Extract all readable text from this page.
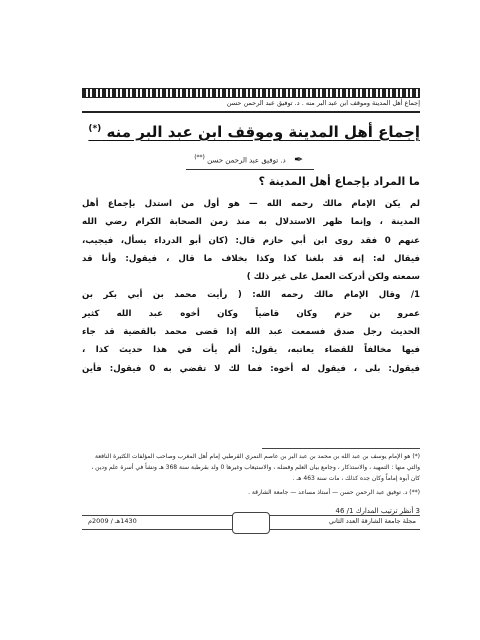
إجماع أهل المدينة وموقف ابن عبد البر منه . د. توفيق عبد الرحمن حسن
إجماع أهل المدينة وموقف ابن عبد البر منه (*)
د. توفيق عبد الرحمن حسن (**)	✒
ما المراد بإجماع أهل المدينة ؟
لم يكن الإمام مالك رحمه الله — هو أول من استدل بإجماع أهل
المدينة ، وإنما ظهر الاستدلال به منذ زمن الصحابة الكرام رضي الله
عنهم 0 فقد روى ابن أبي حازم قال: (كان أبو الدرداء يسأل، فيجيب،
فيقال له: إنه قد بلغنا كذا وكذا بخلاف ما قال ، فيقول: وأنا قد
سمعته ولكن أدركت العمل على غير ذلك )
1/ وقال الإمام مالك رحمه الله: ( رأيت محمد بن أبي بكر بن
عمرو بن حزم وكان قاضياً وكان أخوه عبد الله كثير
الحديث رجل صدق فسمعت عبد الله إذا قضى محمد بالقضية قد جاء
فيها مخالفاً للقضاء يعاتبه، يقول: ألم يأت في هذا حديث كذا ،
فيقول: بلى ، فيقول له أخوه: فما لك لا تقضي به 0 فيقول: فأين
(*) هو الإمام يوسف بن عبد الله بن محمد بن عبد البر بن عاصم النمري القرطبي إمام أهل المغرب وصاحب المؤلفات الكثيرة النافعة والتي منها : التمهيد ، والاستذكار ، وجامع بيان العلم وفضله ، والاستيعاب وغيرها 0 ولد بقرطبة سنة 368 هـ ونشأ في أسرة علم ودين ، كان أبوه إماماً وكان جده كذلك ، مات سنة 463 هـ .
(**) د. توفيق عبد الرحمن حسن — أستاذ مساعد — جامعة الشارقة .
3 أنظر ترتيب المدارك 1/ 46
مجلة جامعة الشارقة العدد الثاني
1430هـ / 2009م
